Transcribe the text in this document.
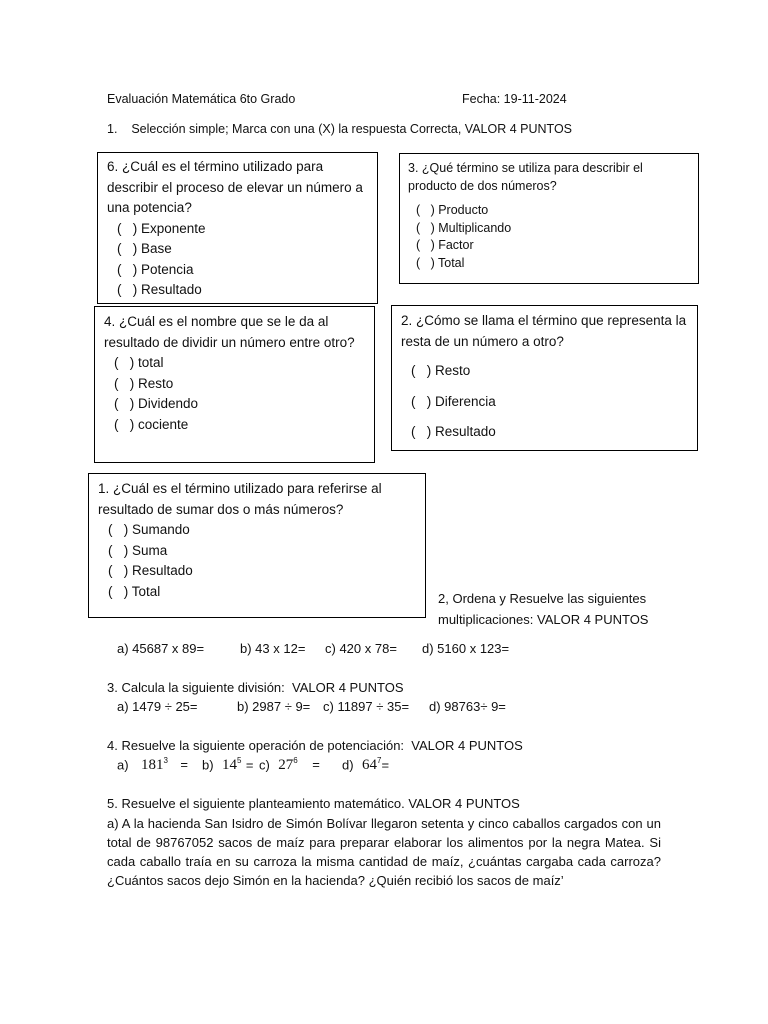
Evaluación Matemática 6to Grado	Fecha: 19-11-2024
1.    Selección simple; Marca con una (X) la respuesta Correcta, VALOR 4 PUNTOS
6. ¿Cuál es el término utilizado para describir el proceso de elevar un número a una potencia?
(   ) Exponente
(   ) Base
(   ) Potencia
(   ) Resultado
3. ¿Qué término se utiliza para describir el producto de dos números?
(   ) Producto
(   ) Multiplicando
(   ) Factor
(   ) Total
4. ¿Cuál es el nombre que se le da al resultado de dividir un número entre otro?
(   ) total
(   ) Resto
(   ) Dividendo
(   ) cociente
2. ¿Cómo se llama el término que representa la resta de un número a otro?
(   ) Resto
(   ) Diferencia
(   ) Resultado
1. ¿Cuál es el término utilizado para referirse al resultado de sumar dos o más números?
(   ) Sumando
(   ) Suma
(   ) Resultado
(   ) Total	2, Ordena y Resuelve las siguientes multiplicaciones: VALOR 4 PUNTOS
a) 45687 x 89=	b) 43 x 12= c) 420 x 78= d) 5160 x 123=
3. Calcula la siguiente división:  VALOR 4 PUNTOS
a) 1479 ÷ 25=	b) 2987 ÷ 9= c) 11897 ÷ 35= d) 98763÷ 9=
4. Resuelve la siguiente operación de potenciación:  VALOR 4 PUNTOS
a) $181^3 = b$) $14^5 = c$) $27^6 = d$) $64^7=$
5. Resuelve el siguiente planteamiento matemático. VALOR 4 PUNTOS
a) A la hacienda San Isidro de Simón Bolívar llegaron setenta y cinco caballos cargados con un total de 98767052 sacos de maíz para preparar elaborar los alimentos por la negra Matea. Si cada caballo traía en su carroza la misma cantidad de maíz, ¿cuántas cargaba cada carroza? ¿Cuántos sacos dejo Simón en la hacienda? ¿Quién recibió los sacos de maíz’
